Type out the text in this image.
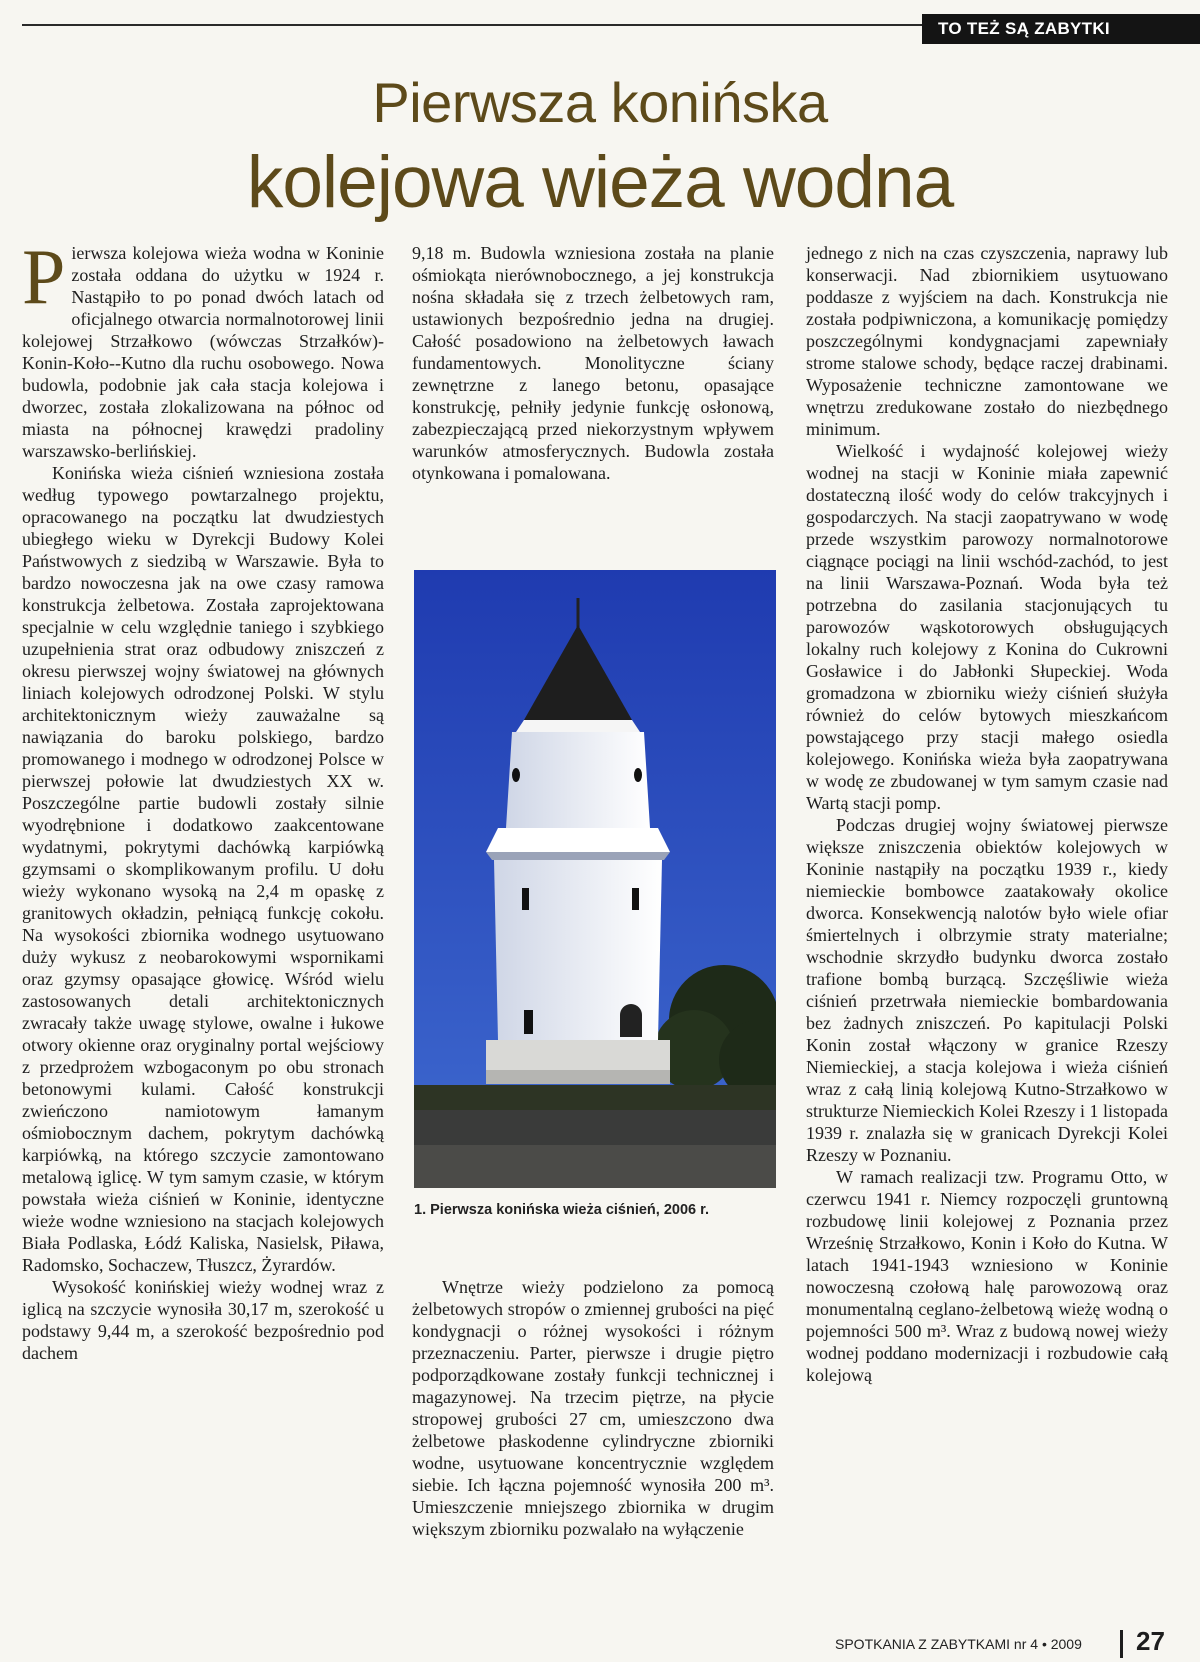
TO TEŻ SĄ ZABYTKI
Pierwsza konińska
kolejowa wieża wodna

Pierwsza kolejowa wieża wodna w Koninie została oddana do użytku w 1924 r. Nastąpiło to po ponad dwóch latach od oficjalnego otwarcia normalnotorowej linii kolejowej Strzałkowo (wówczas Strzałków)-Konin-Koło--Kutno dla ruchu osobowego. Nowa budowla, podobnie jak cała stacja kolejowa i dworzec, została zlokalizowana na północ od miasta na północnej krawędzi pradoliny warszawsko-berlińskiej.

Konińska wieża ciśnień wzniesiona została według typowego powtarzalnego projektu, opracowanego na początku lat dwudziestych ubiegłego wieku w Dyrekcji Budowy Kolei Państwowych z siedzibą w Warszawie. Była to bardzo nowoczesna jak na owe czasy ramowa konstrukcja żelbetowa. Została zaprojektowana specjalnie w celu względnie taniego i szybkiego uzupełnienia strat oraz odbudowy zniszczeń z okresu pierwszej wojny światowej na głównych liniach kolejowych odrodzonej Polski. W stylu architektonicznym wieży zauważalne są nawiązania do baroku polskiego, bardzo promowanego i modnego w odrodzonej Polsce w pierwszej połowie lat dwudziestych XX w. Poszczególne partie budowli zostały silnie wyodrębnione i dodatkowo zaakcentowane wydatnymi, pokrytymi dachówką karpiówką gzymsami o skomplikowanym profilu. U dołu wieży wykonano wysoką na 2,4 m opaskę z granitowych okładzin, pełniącą funkcję cokołu. Na wysokości zbiornika wodnego usytuowano duży wykusz z neobarokowymi wspornikami oraz gzymsy opasające głowicę. Wśród wielu zastosowanych detali architektonicznych zwracały także uwagę stylowe, owalne i łukowe otwory okienne oraz oryginalny portal wejściowy z przedprożem wzbogaconym po obu stronach betonowymi kulami. Całość konstrukcji zwieńczono namiotowym łamanym ośmiobocznym dachem, pokrytym dachówką karpiówką, na którego szczycie zamontowano metalową iglicę. W tym samym czasie, w którym powstała wieża ciśnień w Koninie, identyczne wieże wodne wzniesiono na stacjach kolejowych Biała Podlaska, Łódź Kaliska, Nasielsk, Piława, Radomsko, Sochaczew, Tłuszcz, Żyrardów.

Wysokość konińskiej wieży wodnej wraz z iglicą na szczycie wynosiła 30,17 m, szerokość u podstawy 9,44 m, a szerokość bezpośrednio pod dachem

9,18 m. Budowla wzniesiona została na planie ośmiokąta nierównobocznego, a jej konstrukcja nośna składała się z trzech żelbetowych ram, ustawionych bezpośrednio jedna na drugiej. Całość posadowiono na żelbetowych ławach fundamentowych. Monolityczne ściany zewnętrzne z lanego betonu, opasające konstrukcję, pełniły jedynie funkcję osłonową, zabezpieczającą przed niekorzystnym wpływem warunków atmosferycznych. Budowla została otynkowana i pomalowana.

1. Pierwsza konińska wieża ciśnień, 2006 r.

Wnętrze wieży podzielono za pomocą żelbetowych stropów o zmiennej grubości na pięć kondygnacji o różnej wysokości i różnym przeznaczeniu. Parter, pierwsze i drugie piętro podporządkowane zostały funkcji technicznej i magazynowej. Na trzecim piętrze, na płycie stropowej grubości 27 cm, umieszczono dwa żelbetowe płaskodenne cylindryczne zbiorniki wodne, usytuowane koncentrycznie względem siebie. Ich łączna pojemność wynosiła 200 m³. Umieszczenie mniejszego zbiornika w drugim większym zbiorniku pozwalało na wyłączenie

jednego z nich na czas czyszczenia, naprawy lub konserwacji. Nad zbiornikiem usytuowano poddasze z wyjściem na dach. Konstrukcja nie została podpiwniczona, a komunikację pomiędzy poszczególnymi kondygnacjami zapewniały strome stalowe schody, będące raczej drabinami. Wyposażenie techniczne zamontowane we wnętrzu zredukowane zostało do niezbędnego minimum.

Wielkość i wydajność kolejowej wieży wodnej na stacji w Koninie miała zapewnić dostateczną ilość wody do celów trakcyjnych i gospodarczych. Na stacji zaopatrywano w wodę przede wszystkim parowozy normalnotorowe ciągnące pociągi na linii wschód-zachód, to jest na linii Warszawa-Poznań. Woda była też potrzebna do zasilania stacjonujących tu parowozów wąskotorowych obsługujących lokalny ruch kolejowy z Konina do Cukrowni Gosławice i do Jabłonki Słupeckiej. Woda gromadzona w zbiorniku wieży ciśnień służyła również do celów bytowych mieszkańcom powstającego przy stacji małego osiedla kolejowego. Konińska wieża była zaopatrywana w wodę ze zbudowanej w tym samym czasie nad Wartą stacji pomp.

Podczas drugiej wojny światowej pierwsze większe zniszczenia obiektów kolejowych w Koninie nastąpiły na początku 1939 r., kiedy niemieckie bombowce zaatakowały okolice dworca. Konsekwencją nalotów było wiele ofiar śmiertelnych i olbrzymie straty materialne; wschodnie skrzydło budynku dworca zostało trafione bombą burzącą. Szczęśliwie wieża ciśnień przetrwała niemieckie bombardowania bez żadnych zniszczeń. Po kapitulacji Polski Konin został włączony w granice Rzeszy Niemieckiej, a stacja kolejowa i wieża ciśnień wraz z całą linią kolejową Kutno-Strzałkowo w strukturze Niemieckich Kolei Rzeszy i 1 listopada 1939 r. znalazła się w granicach Dyrekcji Kolei Rzeszy w Poznaniu.

W ramach realizacji tzw. Programu Otto, w czerwcu 1941 r. Niemcy rozpoczęli gruntowną rozbudowę linii kolejowej z Poznania przez Wrześnię Strzałkowo, Konin i Koło do Kutna. W latach 1941-1943 wzniesiono w Koninie nowoczesną czołową halę parowozową oraz monumentalną ceglano-żelbetową wieżę wodną o pojemności 500 m³. Wraz z budową nowej wieży wodnej poddano modernizacji i rozbudowie całą kolejową

SPOTKANIA Z ZABYTKAMI nr 4 • 2009 27
